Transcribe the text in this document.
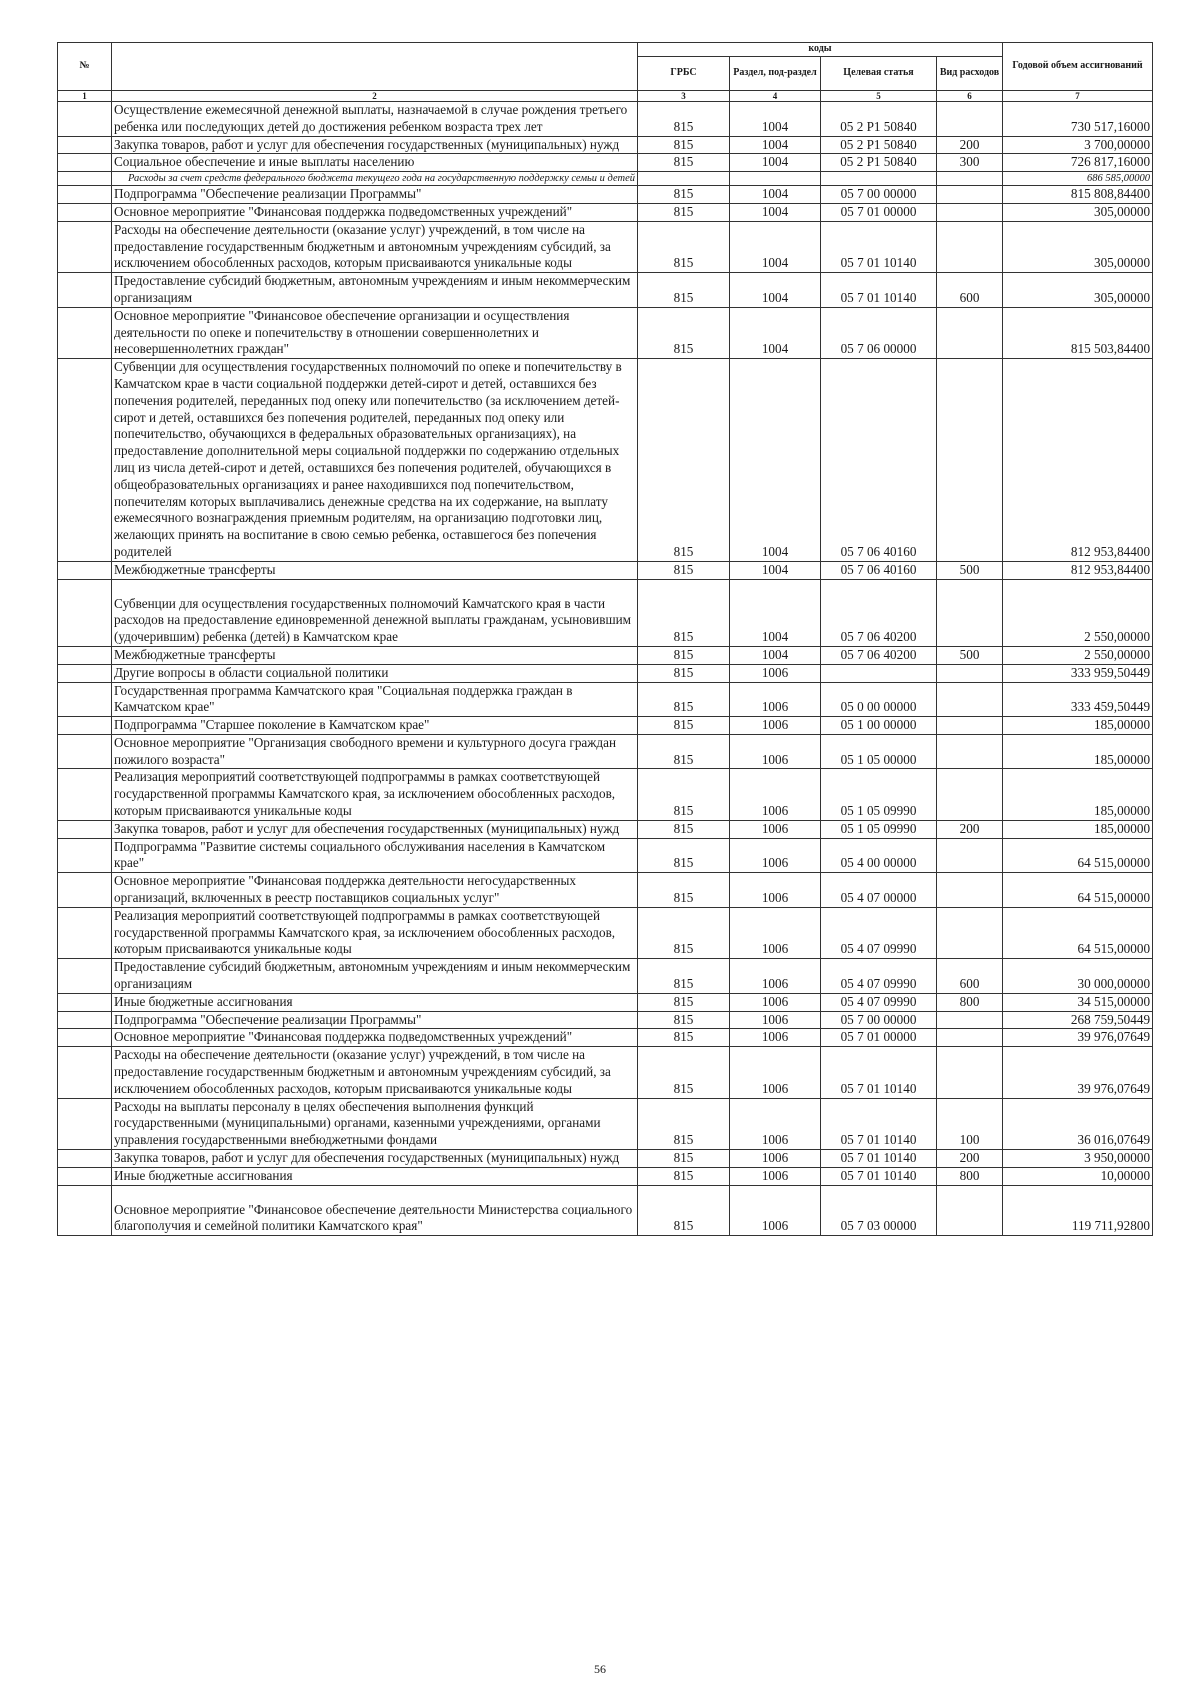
№		коды				Годовой объем ассигнований
		ГРБС	Раздел, под-раздел	Целевая статья	Вид расходов	
1	2	3	4	5	6	7
	Осуществление ежемесячной денежной выплаты, назначаемой в случае рождения третьего ребенка или последующих детей до достижения ребенком возраста трех лет	815	1004	05 2 P1 50840		730 517,16000
	Закупка товаров, работ и услуг для обеспечения государственных (муниципальных) нужд	815	1004	05 2 P1 50840	200	3 700,00000
	Социальное обеспечение и иные выплаты населению	815	1004	05 2 P1 50840	300	726 817,16000
	Расходы за счет средств федерального бюджета текущего года на государственную поддержку семьи и детей					686 585,00000
	Подпрограмма "Обеспечение реализации Программы"	815	1004	05 7 00 00000		815 808,84400
	Основное мероприятие "Финансовая поддержка подведомственных учреждений"	815	1004	05 7 01 00000		305,00000
	Расходы на обеспечение деятельности (оказание услуг) учреждений, в том числе на предоставление государственным бюджетным и автономным учреждениям субсидий, за исключением обособленных расходов, которым присваиваются уникальные коды	815	1004	05 7 01 10140		305,00000
	Предоставление субсидий бюджетным, автономным учреждениям и иным некоммерческим организациям	815	1004	05 7 01 10140	600	305,00000
	Основное мероприятие "Финансовое обеспечение организации и осуществления деятельности по опеке и попечительству в отношении совершеннолетних и несовершеннолетних граждан"	815	1004	05 7 06 00000		815 503,84400
	Субвенции для осуществления государственных полномочий по опеке и попечительству в Камчатском крае в части социальной поддержки детей-сирот и детей, оставшихся без попечения родителей, переданных под опеку или попечительство (за исключением детей-сирот и детей, оставшихся без попечения родителей, переданных под опеку или попечительство, обучающихся в федеральных образовательных организациях), на предоставление дополнительной меры социальной поддержки по содержанию отдельных лиц из числа детей-сирот и детей, оставшихся без попечения родителей, обучающихся в общеобразовательных организациях и ранее находившихся под попечительством, попечителям которых выплачивались денежные средства на их содержание, на выплату ежемесячного вознаграждения приемным родителям, на организацию подготовки лиц, желающих принять на воспитание в свою семью ребенка, оставшегося без попечения родителей	815	1004	05 7 06 40160		812 953,84400
	Межбюджетные трансферты	815	1004	05 7 06 40160	500	812 953,84400
	Субвенции для осуществления государственных полномочий Камчатского края в части расходов на предоставление единовременной денежной выплаты гражданам, усыновившим (удочерившим) ребенка (детей) в Камчатском крае	815	1004	05 7 06 40200		2 550,00000
	Межбюджетные трансферты	815	1004	05 7 06 40200	500	2 550,00000
	Другие вопросы в области социальной политики	815	1006			333 959,50449
	Государственная программа Камчатского края "Социальная поддержка граждан в Камчатском крае"	815	1006	05 0 00 00000		333 459,50449
	Подпрограмма "Старшее поколение в Камчатском крае"	815	1006	05 1 00 00000		185,00000
	Основное мероприятие "Организация свободного времени и культурного досуга граждан пожилого возраста"	815	1006	05 1 05 00000		185,00000
	Реализация мероприятий соответствующей подпрограммы в рамках соответствующей государственной программы Камчатского края, за исключением обособленных расходов, которым присваиваются уникальные коды	815	1006	05 1 05 09990		185,00000
	Закупка товаров, работ и услуг для обеспечения государственных (муниципальных) нужд	815	1006	05 1 05 09990	200	185,00000
	Подпрограмма "Развитие системы социального обслуживания населения в Камчатском крае"	815	1006	05 4 00 00000		64 515,00000
	Основное мероприятие "Финансовая поддержка деятельности негосударственных организаций, включенных в реестр поставщиков социальных услуг"	815	1006	05 4 07 00000		64 515,00000
	Реализация мероприятий соответствующей подпрограммы в рамках соответствующей государственной программы Камчатского края, за исключением обособленных расходов, которым присваиваются уникальные коды	815	1006	05 4 07 09990		64 515,00000
	Предоставление субсидий бюджетным, автономным учреждениям и иным некоммерческим организациям	815	1006	05 4 07 09990	600	30 000,00000
	Иные бюджетные ассигнования	815	1006	05 4 07 09990	800	34 515,00000
	Подпрограмма "Обеспечение реализации Программы"	815	1006	05 7 00 00000		268 759,50449
	Основное мероприятие "Финансовая поддержка подведомственных учреждений"	815	1006	05 7 01 00000		39 976,07649
	Расходы на обеспечение деятельности (оказание услуг) учреждений, в том числе на предоставление государственным бюджетным и автономным учреждениям субсидий, за исключением обособленных расходов, которым присваиваются уникальные коды	815	1006	05 7 01 10140		39 976,07649
	Расходы на выплаты персоналу в целях обеспечения выполнения функций государственными (муниципальными) органами, казенными учреждениями, органами управления государственными внебюджетными фондами	815	1006	05 7 01 10140	100	36 016,07649
	Закупка товаров, работ и услуг для обеспечения государственных (муниципальных) нужд	815	1006	05 7 01 10140	200	3 950,00000
	Иные бюджетные ассигнования	815	1006	05 7 01 10140	800	10,00000
	Основное мероприятие "Финансовое обеспечение деятельности Министерства социального благополучия и семейной политики Камчатского края"	815	1006	05 7 03 00000		119 711,92800
56
